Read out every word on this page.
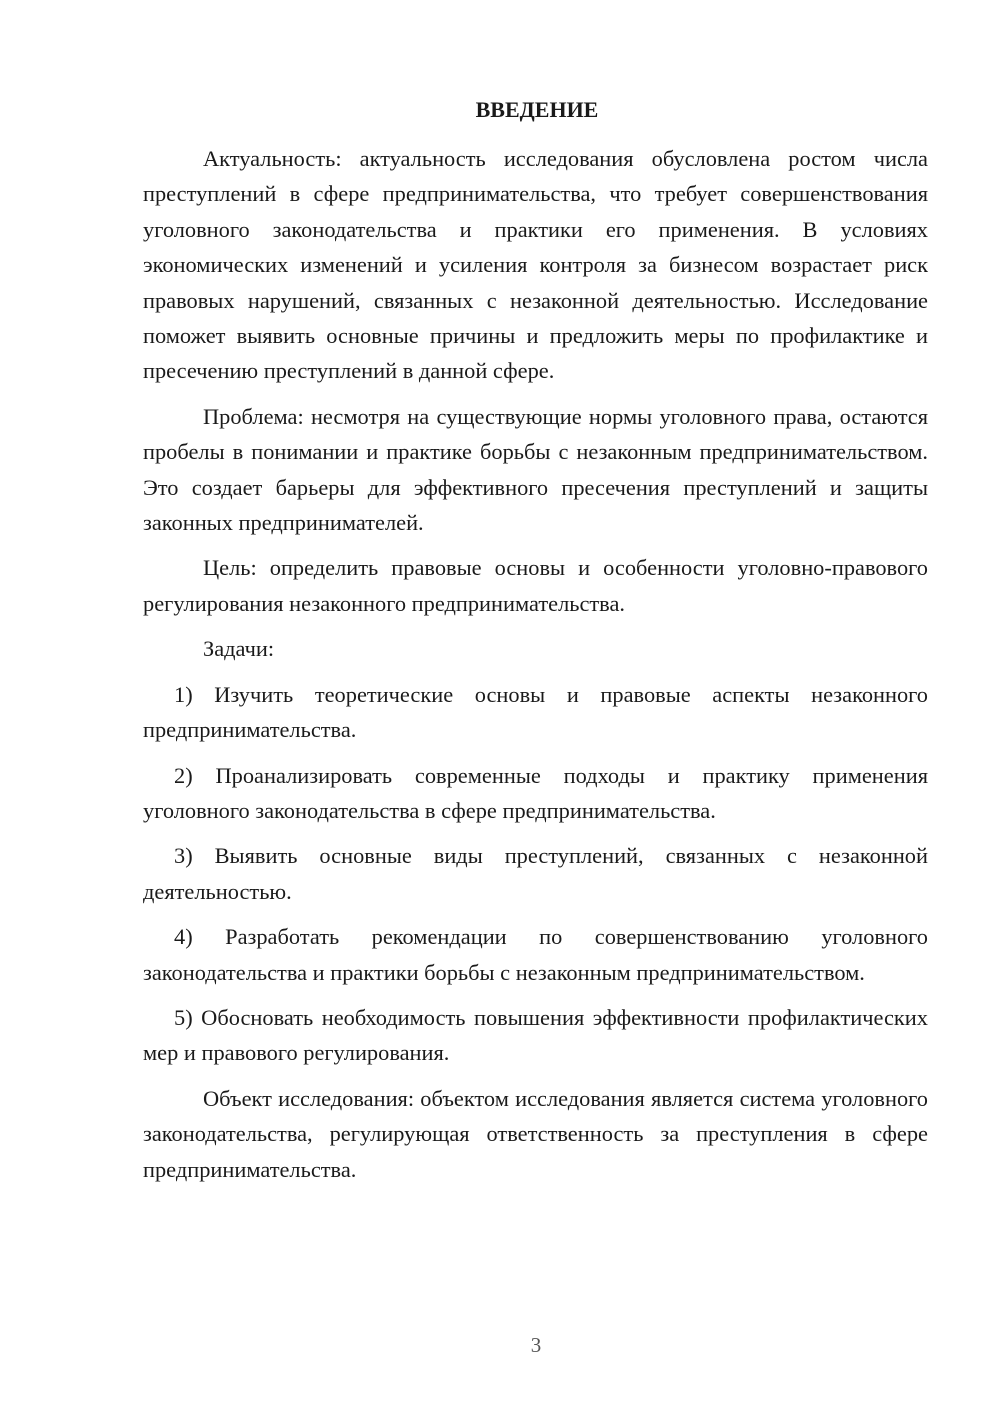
ВВЕДЕНИЕ

Актуальность: актуальность исследования обусловлена ростом числа преступлений в сфере предпринимательства, что требует совершенствования уголовного законодательства и практики его применения. В условиях экономических изменений и усиления контроля за бизнесом возрастает риск правовых нарушений, связанных с незаконной деятельностью. Исследование поможет выявить основные причины и предложить меры по профилактике и пресечению преступлений в данной сфере.

Проблема: несмотря на существующие нормы уголовного права, остаются пробелы в понимании и практике борьбы с незаконным предпринимательством. Это создает барьеры для эффективного пресечения преступлений и защиты законных предпринимателей.

Цель: определить правовые основы и особенности уголовно-правового регулирования незаконного предпринимательства.

Задачи:

1) Изучить теоретические основы и правовые аспекты незаконного предпринимательства.

2) Проанализировать современные подходы и практику применения уголовного законодательства в сфере предпринимательства.

3) Выявить основные виды преступлений, связанных с незаконной деятельностью.

4) Разработать рекомендации по совершенствованию уголовного законодательства и практики борьбы с незаконным предпринимательством.

5) Обосновать необходимость повышения эффективности профилактических мер и правового регулирования.

Объект исследования: объектом исследования является система уголовного законодательства, регулирующая ответственность за преступления в сфере предпринимательства.

3
